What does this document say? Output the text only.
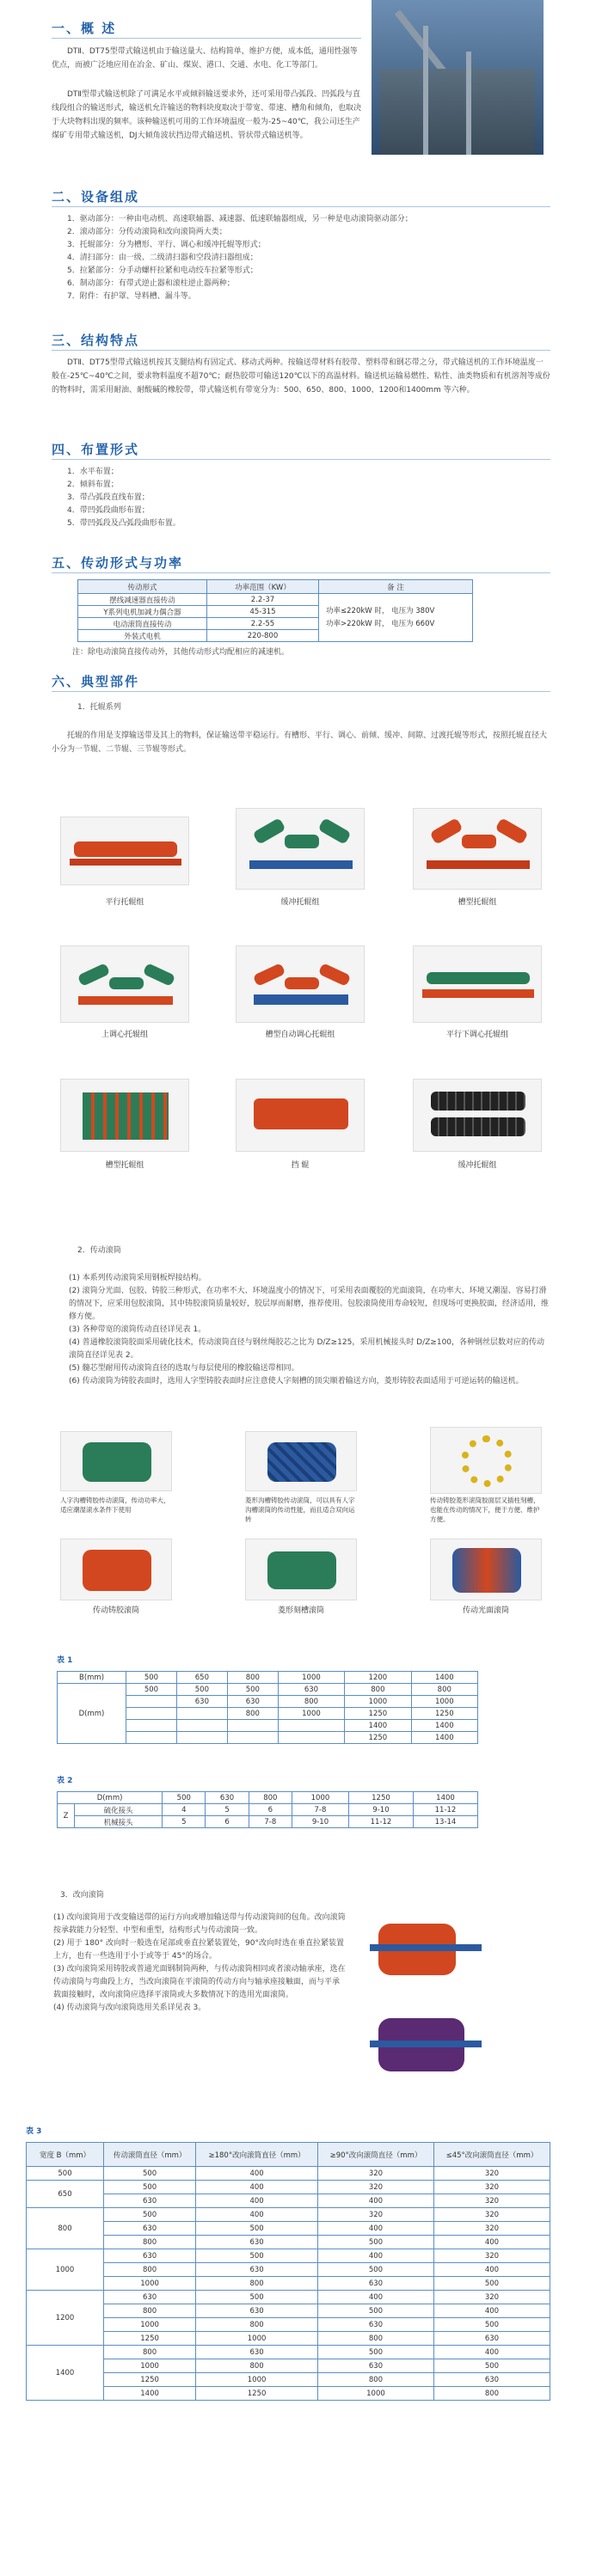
一、概 述
DTⅡ、DT75型带式输送机由于输送量大、结构简单，维护方便，成本低，通用性强等优点，而被广泛地应用在冶金、矿山、煤炭、港口、交通、水电、化工等部门。
DTⅡ型带式输送机除了可满足水平或倾斜输送要求外，还可采用带凸弧段、凹弧段与直线段组合的输送形式，输送机允许输送的物料块度取决于带宽、带速、槽角和倾角，也取决于大块物料出现的频率。该种输送机可用的工作环境温度一般为-25~40℃，我公司还生产煤矿专用带式输送机，DJ大倾角波状挡边带式输送机、管状带式输送机等。
二、设备组成
1．驱动部分：一种由电动机、高速联轴器、减速器、低速联轴器组成，另一种是电动滚筒驱动部分；
2．滚动部分：分传动滚筒和改向滚筒两大类；
3．托辊部分：分为槽形、平行、调心和缓冲托辊等形式；
4．清扫部分：由一级、二级清扫器和空段清扫器组成；
5．拉紧部分：分手动螺杆拉紧和电动绞车拉紧等形式；
6．制动部分：有带式逆止器和滚柱逆止器两种；
7．附件：有护罩、导料槽、漏斗等。
三、结构特点
DTⅡ、DT75型带式输送机按其支腿结构有固定式、移动式两种。按输送带材料有胶带、塑料带和钢芯带之分，带式输送机的工作环境温度一般在-25℃~40℃之间，要求物料温度不超70℃；耐热胶带可输送120℃以下的高温材料。输送机运输易燃性、粘性、油类物质和有机溶剂等成份的物料时，需采用耐油、耐酸碱的橡胶带，带式输送机有带宽分为：500、650、800、1000、1200和1400mm 等六种。
四、布置形式
1．水平布置；
2．倾斜布置；
3．带凸弧段直线布置；
4．带凹弧段曲形布置；
5．带凹弧段及凸弧段曲形布置。
五、传动形式与功率
传动形式	功率范围（KW）	备 注
摆线减速器直接传动	2.2-37	功率≤220kW 时， 电压为 380V
功率>220kW 时， 电压为 660V

Y系列电机加减力偶合器	45-315	
电动滚筒直接传动	2.2-55	
外装式电机	220-800	
注：除电动滚筒直接传动外，其他传动形式均配相应的减速机。
六、典型部件
1．托辊系列
托辊的作用是支撑输送带及其上的物料，保证输送带平稳运行。有槽形、平行、调心、前倾、缓冲、间隙、过渡托辊等形式，按照托辊直径大小分为一节辊、二节辊、三节辊等形式。
平行托辊组	缓冲托辊组	槽型托辊组
上调心托辊组	槽型自动调心托辊组	平行下调心托辊组
槽型托辊组	挡 辊	缓冲托辊组
2．传动滚筒
(1) 本系列传动滚筒采用钢板焊接结构。
(2) 滚筒分光面、包胶、铸胶三种形式，在功率不大、环境温度小的情况下，可采用表面覆胶的光面滚筒，在功率大、环境又潮湿、容易打滑的情况下，应采用包胶滚筒，其中铸胶滚筒质量较好，胶层厚而耐磨，推荐使用。包胶滚筒使用寿命较短，但现场可更换胶面，经济适用，维修方便。
(3) 各种带宽的滚筒传动直径详见表 1。
(4) 普通橡胶滚筒胶面采用硫化技术，传动滚筒直径与钢丝绳胶芯之比为 D/Z≥125，采用机械接头时 D/Z≥100，各种钢丝层数对应的传动滚筒直径详见表 2。
(5) 髓芯型耐用传动滚筒直径的选取与每层使用的橡胶输送带相同。
(6) 传动滚筒为铸胶表面时，选用人字型铸胶表面时应注意使人字刻槽的顶尖顺着输送方向，菱形铸胶表面适用于可逆运转的输送机。
人字沟槽铸胶传动滚筒，传动功率大，适应潮湿滚水条件下使用
菱形沟槽铸胶传动滚筒，可以具有人字沟槽滚筒的传动性能，而且适合双向运转
传动铸胶菱形滚筒胶面层又插柱刻槽，也能在传动的情况下，便于方便、维护方便。
传动铸胶滚筒	菱形刻槽滚筒	传动光面滚筒
表 1
B(mm)	500	650	800	1000	1200	1400
D(mm)	500	500	500	630	800	800
		630	630	800	1000	1000
			800	1000	1250	1250
					1400	1400
					1250	1400
表 2
D(mm)		500	630	800	1000	1250	1400
Z	硫化接头	4	5	6	7-8	9-10	11-12
	机械接头	5	6	7-8	9-10	11-12	13-14
3．改向滚筒
(1) 改向滚筒用于改变输送带的运行方向或增加输送带与传动滚筒间的包角。改向滚筒按承载能力分轻型、中型和重型，结构形式与传动滚筒一致。
(2) 用于 180° 改向时一般选在尾部或垂直拉紧装置处，90°改向时选在垂直拉紧装置上方，也有一些选用于小于或等于 45°的场合。
(3) 改向滚筒采用铸胶或普通光面钢制筒两种，与传动滚筒相同或者滚动轴承座，选在传动滚筒与弯曲段上方，当改向滚筒在平滚筒的传动方向与轴承座接触面，而与平承载面接触时，改向滚筒应选择平滚筒或大多数情况下的选用光面滚筒。
(4) 传动滚筒与改向滚筒选用关系详见表 3。
表 3
宽度 B（mm）	传动滚筒直径（mm）	≥180°改向滚筒直径（mm）	≥90°改向滚筒直径（mm）	≤45°改向滚筒直径（mm）
500	500	400	320	320
650	500	400	320	320
	630	400	400	320
800	500	400	320	320
	630	500	400	320
	800	630	500	400
1000	630	500	400	320
	800	630	500	400
	1000	800	630	500
1200	630	500	400	320
	800	630	500	400
	1000	800	630	500
	1250	1000	800	630
1400	800	630	500	400
	1000	800	630	500
	1250	1000	800	630
	1400	1250	1000	800
